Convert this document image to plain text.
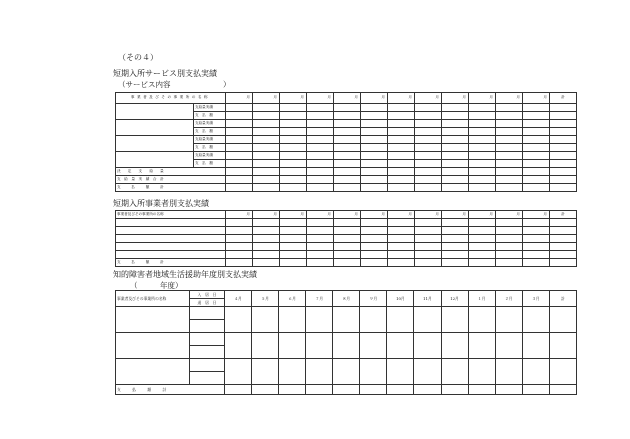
（その４）
短期入所サービス別支払実績
（サービス内容　　　　　　　）
事業者及びその事業所の名称		月	月	月	月	月	月	月	月	月	月	月	月	計
	支給量実績													
	支　払　額													
	支給量実績													
	支　払　額													
	支給量実績													
	支　払　額													
	支給量実績													
	支　払　額													
決　　定　　支　　給　　量														
支　給　量　実　績　合　計														
支　　　払　　　額　　　計														
短期入所事業者別支払実績
事業者及びその事業所の名称	月	月	月	月	月	月	月	月	月	月	月	月	計

支　　　払　　　額　　　計													
知的障害者地域生活援助年度別支払実績
（　　　年度）
事業者及びその事業所の名称	入　居　日	４月	５月	６月	７月	８月	９月	10月	11月	12月	１月	２月	３月	計
	退　居　日													

支　　　払　　　額　　　計														
